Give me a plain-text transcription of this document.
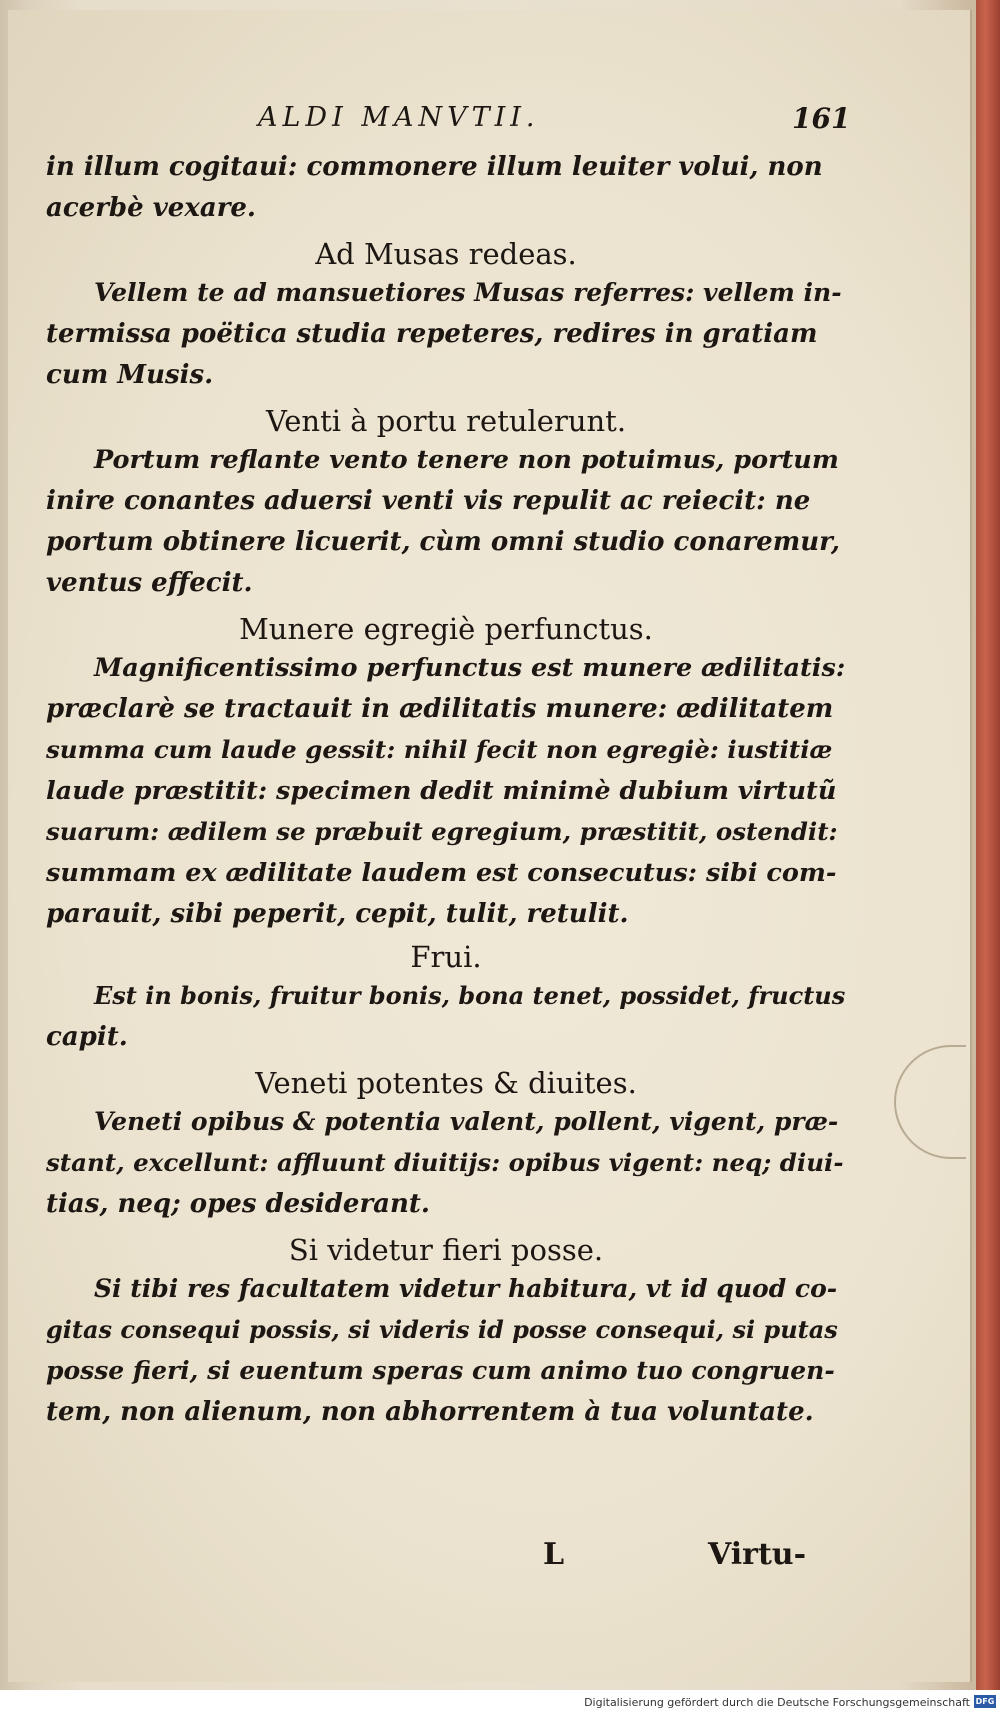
ALDI MANVTII.	161
in illum cogitaui: commonere illum leuiter volui, non
acerbè vexare.
Ad Musas redeas.
Vellem te ad mansuetiores Musas referres: vellem in-
termissa poëtica studia repeteres, redires in gratiam
cum Musis.
Venti à portu retulerunt.
Portum reflante vento tenere non potuimus, portum
inire conantes aduersi venti vis repulit ac reiecit: ne
portum obtinere licuerit, cùm omni studio conaremur,
ventus effecit.
Munere egregiè perfunctus.
Magnificentissimo perfunctus est munere ædilitatis:
præclarè se tractauit in ædilitatis munere: ædilitatem
summa cum laude gessit: nihil fecit non egregiè: iustitiæ
laude præstitit: specimen dedit minimè dubium virtutũ
suarum: ædilem se præbuit egregium, præstitit, ostendit:
summam ex ædilitate laudem est consecutus: sibi com-
parauit, sibi peperit, cepit, tulit, retulit.
Frui.
Est in bonis, fruitur bonis, bona tenet, possidet, fructus
capit.
Veneti potentes & diuites.
Veneti opibus & potentia valent, pollent, vigent, præ-
stant, excellunt: affluunt diuitijs: opibus vigent: neq; diui-
tias, neq; opes desiderant.
Si videtur fieri posse.
Si tibi res facultatem videtur habitura, vt id quod co-
gitas consequi possis, si videris id posse consequi, si putas
posse fieri, si euentum speras cum animo tuo congruen-
tem, non alienum, non abhorrentem à tua voluntate.
L	Virtu-
Digitalisierung gefördert durch die Deutsche Forschungsgemeinschaft DFG
